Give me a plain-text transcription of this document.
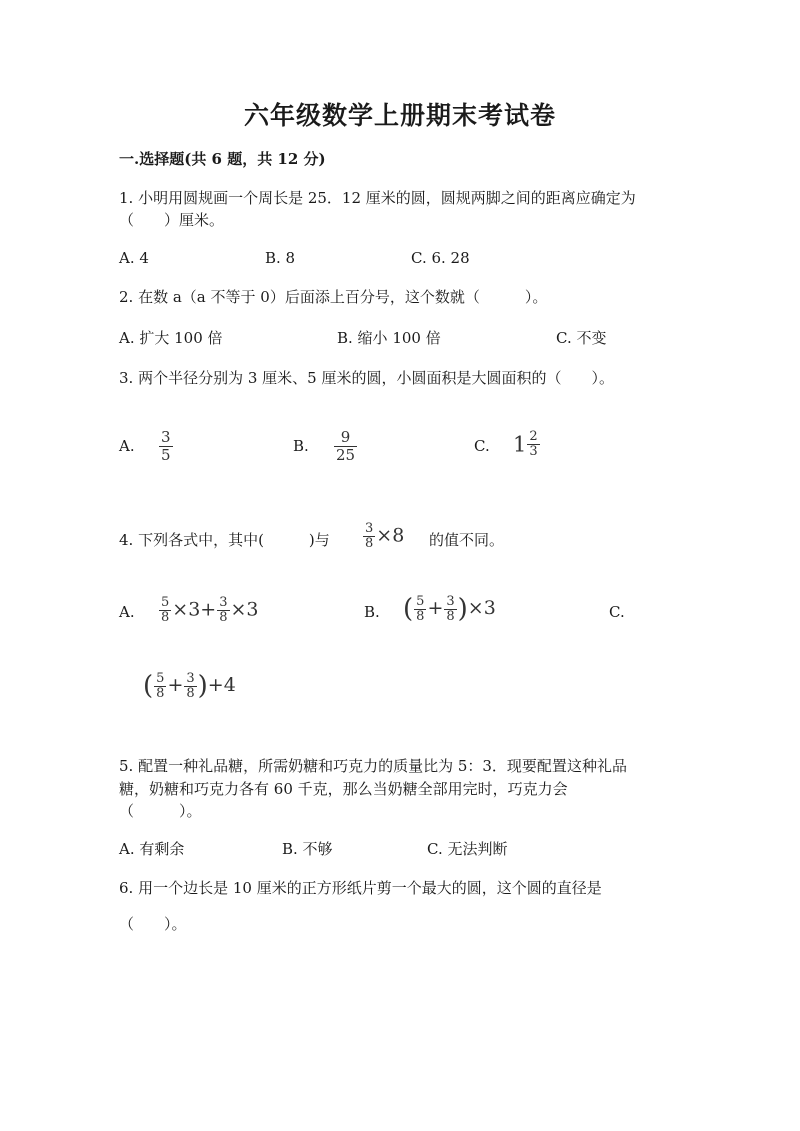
六年级数学上册期末考试卷
一.选择题(共 6 题，共 12 分)
1. 小明用圆规画一个周长是 25．12 厘米的圆，圆规两脚之间的距离应确定为
（　　）厘米。
A. 4	B. 8	C. 6. 28
2. 在数 a（a 不等于 0）后面添上百分号，这个数就（　　　）。
A. 扩大 100 倍	B. 缩小 100 倍	C. 不变
3. 两个半径分别为 3 厘米、5 厘米的圆，小圆面积是大圆面积的（　　）。
A. $\frac{3}{5}$	B. $\frac{9}{25}$	C. $1 \frac{2}{3}$
4. 下列各式中，其中(　　　)与	$\frac{3}{8} \times 8$ 的值不同。
A. $\frac{5}{8} \times 3+ \frac{3}{8} \times 3$	B. ( $\frac{5}{8} + \frac{3}{8} )\times 3$	C.
( $\frac{5}{8} + \frac{3}{8} )+4$
5. 配置一种礼品糖，所需奶糖和巧克力的质量比为 5：3．现要配置这种礼品
糖，奶糖和巧克力各有 60 千克，那么当奶糖全部用完时，巧克力会
（　　　）。
A. 有剩余	B. 不够	C. 无法判断
6. 用一个边长是 10 厘米的正方形纸片剪一个最大的圆，这个圆的直径是
（　　）。
